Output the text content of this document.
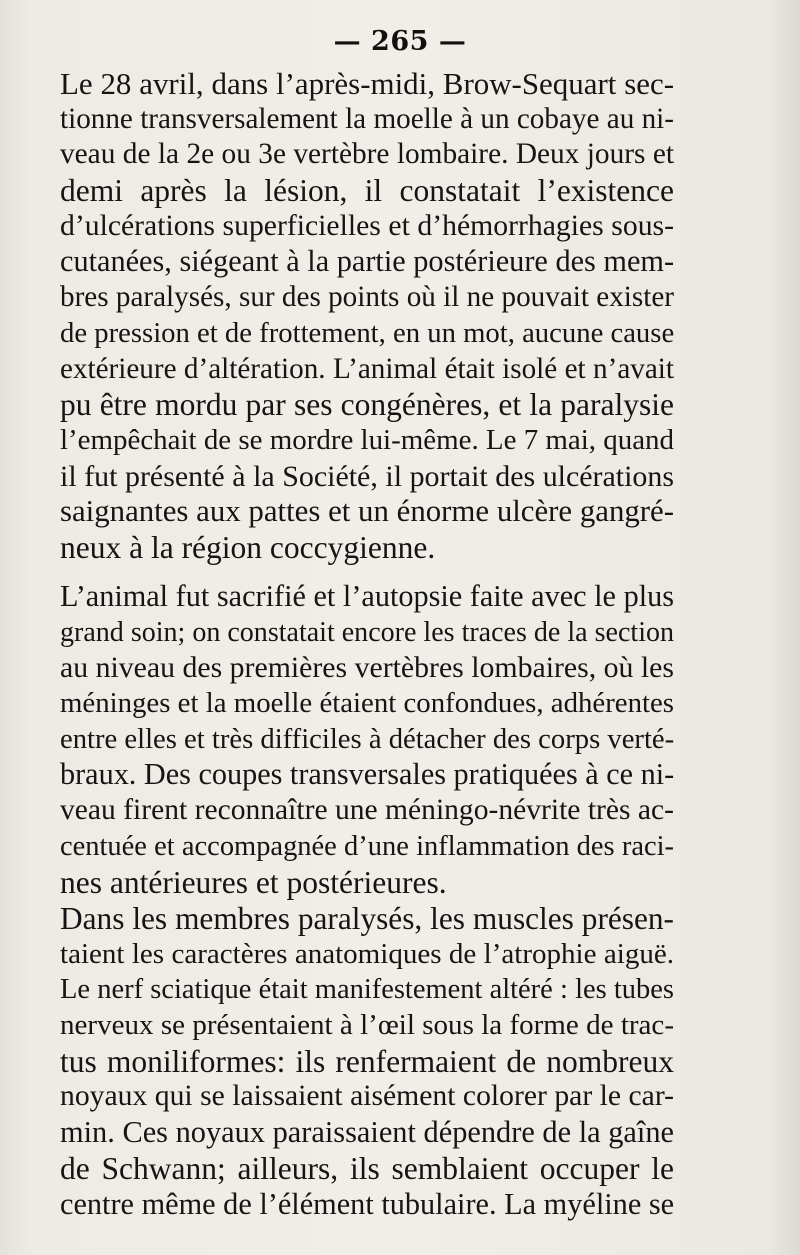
— 265 —
Le 28 avril, dans l’après-midi, Brow-Sequart sec-
tionne transversalement la moelle à un cobaye au ni-
veau de la 2e ou 3e vertèbre lombaire. Deux jours et
demi après la lésion, il constatait l’existence
d’ulcérations superficielles et d’hémorrhagies sous-
cutanées, siégeant à la partie postérieure des mem-
bres paralysés, sur des points où il ne pouvait exister
de pression et de frottement, en un mot, aucune cause
extérieure d’altération. L’animal était isolé et n’avait
pu être mordu par ses congénères, et la paralysie
l’empêchait de se mordre lui-même. Le 7 mai, quand
il fut présenté à la Société, il portait des ulcérations
saignantes aux pattes et un énorme ulcère gangré-
neux à la région coccygienne.
L’animal fut sacrifié et l’autopsie faite avec le plus
grand soin; on constatait encore les traces de la section
au niveau des premières vertèbres lombaires, où les
méninges et la moelle étaient confondues, adhérentes
entre elles et très difficiles à détacher des corps verté-
braux. Des coupes transversales pratiquées à ce ni-
veau firent reconnaître une méningo-névrite très ac-
centuée et accompagnée d’une inflammation des raci-
nes antérieures et postérieures.
Dans les membres paralysés, les muscles présen-
taient les caractères anatomiques de l’atrophie aiguë.
Le nerf sciatique était manifestement altéré : les tubes
nerveux se présentaient à l’œil sous la forme de trac-
tus moniliformes: ils renfermaient de nombreux
noyaux qui se laissaient aisément colorer par le car-
min. Ces noyaux paraissaient dépendre de la gaîne
de Schwann; ailleurs, ils semblaient occuper le
centre même de l’élément tubulaire. La myéline se
